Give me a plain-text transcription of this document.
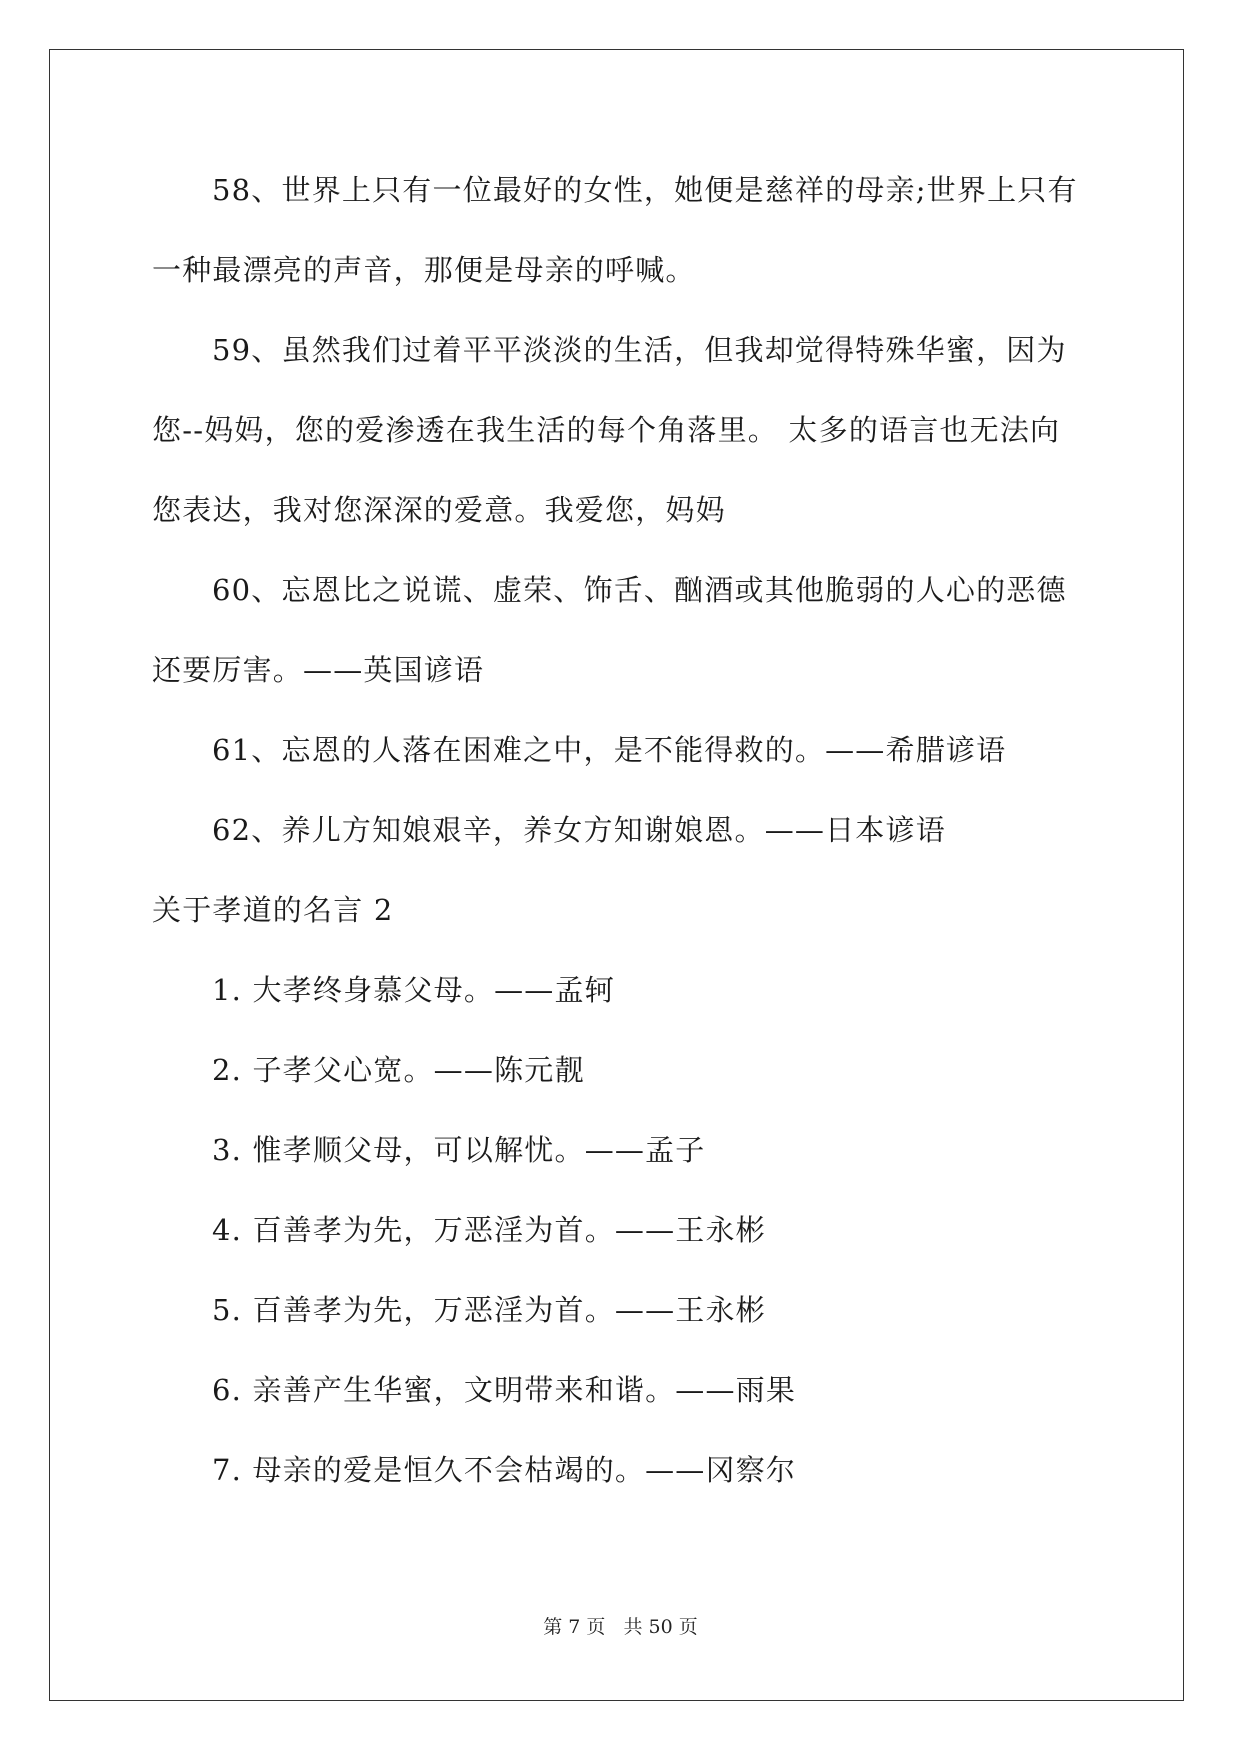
58、世界上只有一位最好的女性，她便是慈祥的母亲;世界上只有
一种最漂亮的声音，那便是母亲的呼喊。
59、虽然我们过着平平淡淡的生活，但我却觉得特殊华蜜，因为
您--妈妈，您的爱渗透在我生活的每个角落里。 太多的语言也无法向
您表达，我对您深深的爱意。我爱您，妈妈
60、忘恩比之说谎、虚荣、饰舌、酗酒或其他脆弱的人心的恶德
还要厉害。——英国谚语
61、忘恩的人落在困难之中，是不能得救的。——希腊谚语
62、养儿方知娘艰辛，养女方知谢娘恩。——日本谚语
关于孝道的名言 2
1. 大孝终身慕父母。——孟轲
2. 子孝父心宽。——陈元靓
3. 惟孝顺父母，可以解忧。——孟子
4. 百善孝为先，万恶淫为首。——王永彬
5. 百善孝为先，万恶淫为首。——王永彬
6. 亲善产生华蜜，文明带来和谐。——雨果
7. 母亲的爱是恒久不会枯竭的。——冈察尔
第 7 页 共 50 页
